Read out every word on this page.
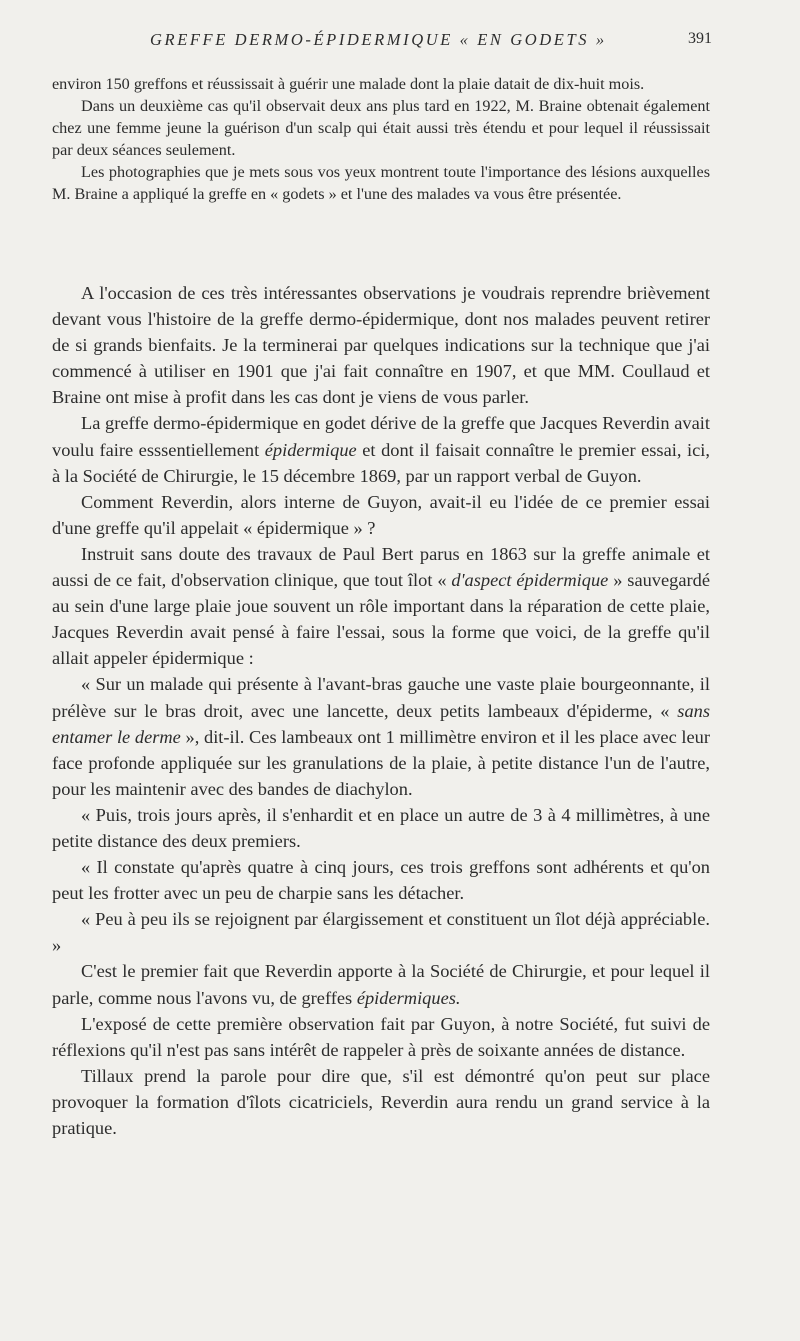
GREFFE DERMO-ÉPIDERMIQUE « EN GODETS »	391

environ 150 greffons et réussissait à guérir une malade dont la plaie datait de dix-huit mois.

Dans un deuxième cas qu'il observait deux ans plus tard en 1922, M. Braine obtenait également chez une femme jeune la guérison d'un scalp qui était aussi très étendu et pour lequel il réussissait par deux séances seulement.

Les photographies que je mets sous vos yeux montrent toute l'importance des lésions auxquelles M. Braine a appliqué la greffe en « godets » et l'une des malades va vous être présentée.

A l'occasion de ces très intéressantes observations je voudrais reprendre brièvement devant vous l'histoire de la greffe dermo-épidermique, dont nos malades peuvent retirer de si grands bienfaits. Je la terminerai par quelques indications sur la technique que j'ai commencé à utiliser en 1901 que j'ai fait connaître en 1907, et que MM. Coullaud et Braine ont mise à profit dans les cas dont je viens de vous parler.

La greffe dermo-épidermique en godet dérive de la greffe que Jacques Reverdin avait voulu faire esssentiellement épidermique et dont il faisait connaître le premier essai, ici, à la Société de Chirurgie, le 15 décembre 1869, par un rapport verbal de Guyon.

Comment Reverdin, alors interne de Guyon, avait-il eu l'idée de ce premier essai d'une greffe qu'il appelait « épidermique » ?

Instruit sans doute des travaux de Paul Bert parus en 1863 sur la greffe animale et aussi de ce fait, d'observation clinique, que tout îlot « d'aspect épidermique » sauvegardé au sein d'une large plaie joue souvent un rôle important dans la réparation de cette plaie, Jacques Reverdin avait pensé à faire l'essai, sous la forme que voici, de la greffe qu'il allait appeler épidermique :

« Sur un malade qui présente à l'avant-bras gauche une vaste plaie bourgeonnante, il prélève sur le bras droit, avec une lancette, deux petits lambeaux d'épiderme, « sans entamer le derme », dit-il. Ces lambeaux ont 1 millimètre environ et il les place avec leur face profonde appliquée sur les granulations de la plaie, à petite distance l'un de l'autre, pour les maintenir avec des bandes de diachylon.

« Puis, trois jours après, il s'enhardit et en place un autre de 3 à 4 millimètres, à une petite distance des deux premiers.

« Il constate qu'après quatre à cinq jours, ces trois greffons sont adhérents et qu'on peut les frotter avec un peu de charpie sans les détacher.

« Peu à peu ils se rejoignent par élargissement et constituent un îlot déjà appréciable. »

C'est le premier fait que Reverdin apporte à la Société de Chirurgie, et pour lequel il parle, comme nous l'avons vu, de greffes épidermiques.

L'exposé de cette première observation fait par Guyon, à notre Société, fut suivi de réflexions qu'il n'est pas sans intérêt de rappeler à près de soixante années de distance.

Tillaux prend la parole pour dire que, s'il est démontré qu'on peut sur place provoquer la formation d'îlots cicatriciels, Reverdin aura rendu un grand service à la pratique.
